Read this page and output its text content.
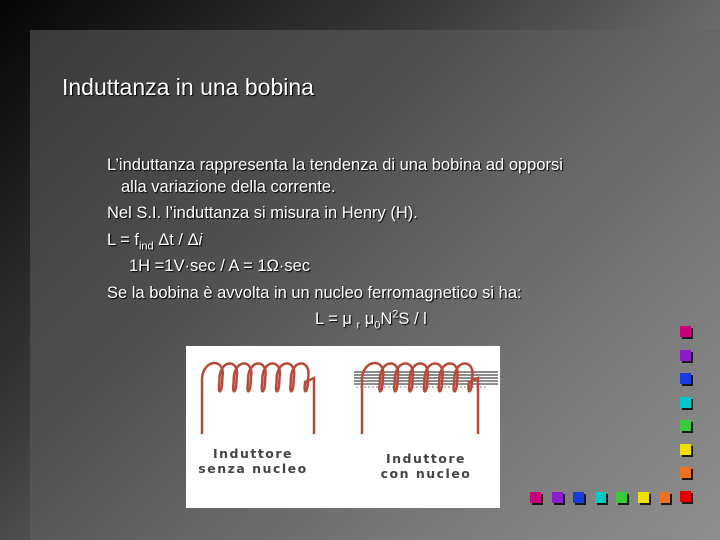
Induttanza in una bobina
L’induttanza rappresenta la tendenza di una bobina ad opporsi
alla variazione della corrente.
Nel S.I. l’induttanza si misura in Henry (H).
$L = f_{ind}$ Δt / Δi
1H =1V·sec / A = 1Ω·sec
Se la bobina è avvolta in un nucleo ferromagnetico si ha:
L = μ $_r$ $\mu_0N^2S$ / l
Induttore
senza nucleo
Induttore
con nucleo
